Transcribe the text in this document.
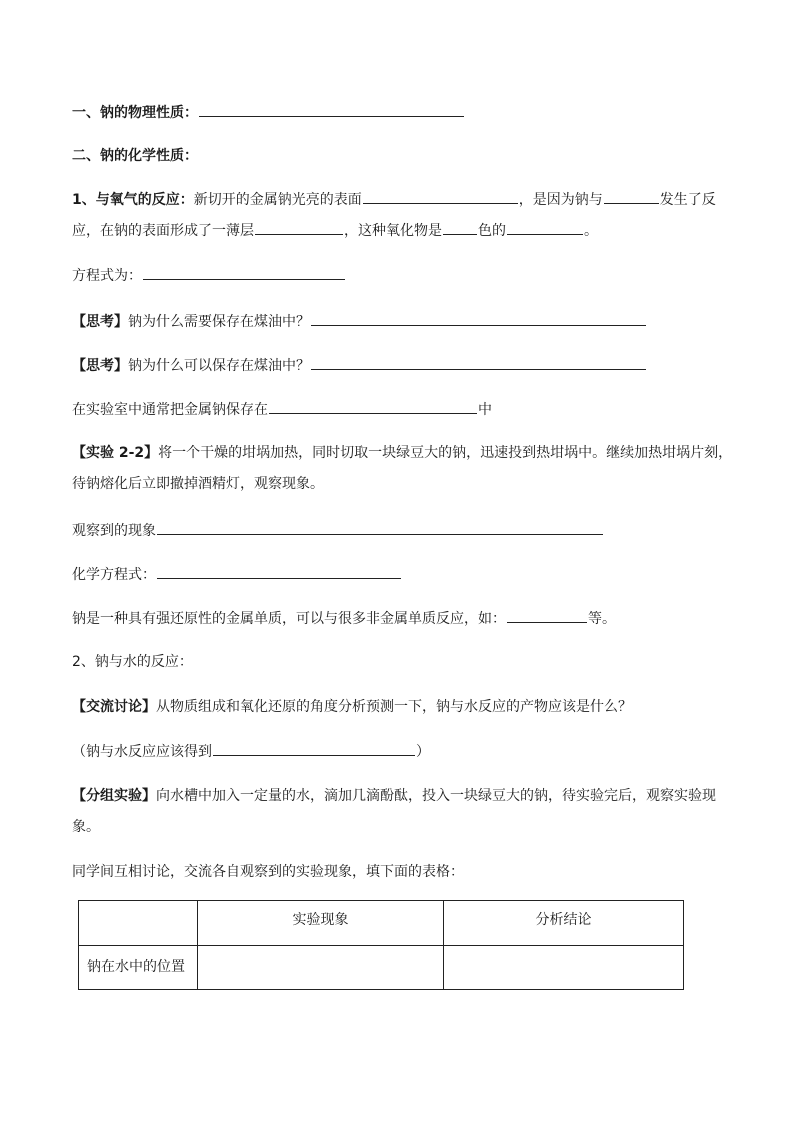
一、钠的物理性质：
二、钠的化学性质：
1、与氧气的反应：新切开的金属钠光亮的表面	，是因为钠与	发生了反
应，在钠的表面形成了一薄层	，这种氧化物是	色的	。
方程式为：
【思考】钠为什么需要保存在煤油中？
【思考】钠为什么可以保存在煤油中？
在实验室中通常把金属钠保存在	中
【实验 2-2】将一个干燥的坩埚加热，同时切取一块绿豆大的钠，迅速投到热坩埚中。继续加热坩埚片刻，
待钠熔化后立即撤掉酒精灯，观察现象。
观察到的现象
化学方程式：
钠是一种具有强还原性的金属单质，可以与很多非金属单质反应，如：	等。
2、钠与水的反应：
【交流讨论】从物质组成和氧化还原的角度分析预测一下，钠与水反应的产物应该是什么？
（钠与水反应应该得到	）
【分组实验】向水槽中加入一定量的水，滴加几滴酚酞，投入一块绿豆大的钠，待实验完后，观察实验现
象。
同学间互相讨论，交流各自观察到的实验现象，填下面的表格：
	实验现象	分析结论
钠在水中的位置		
